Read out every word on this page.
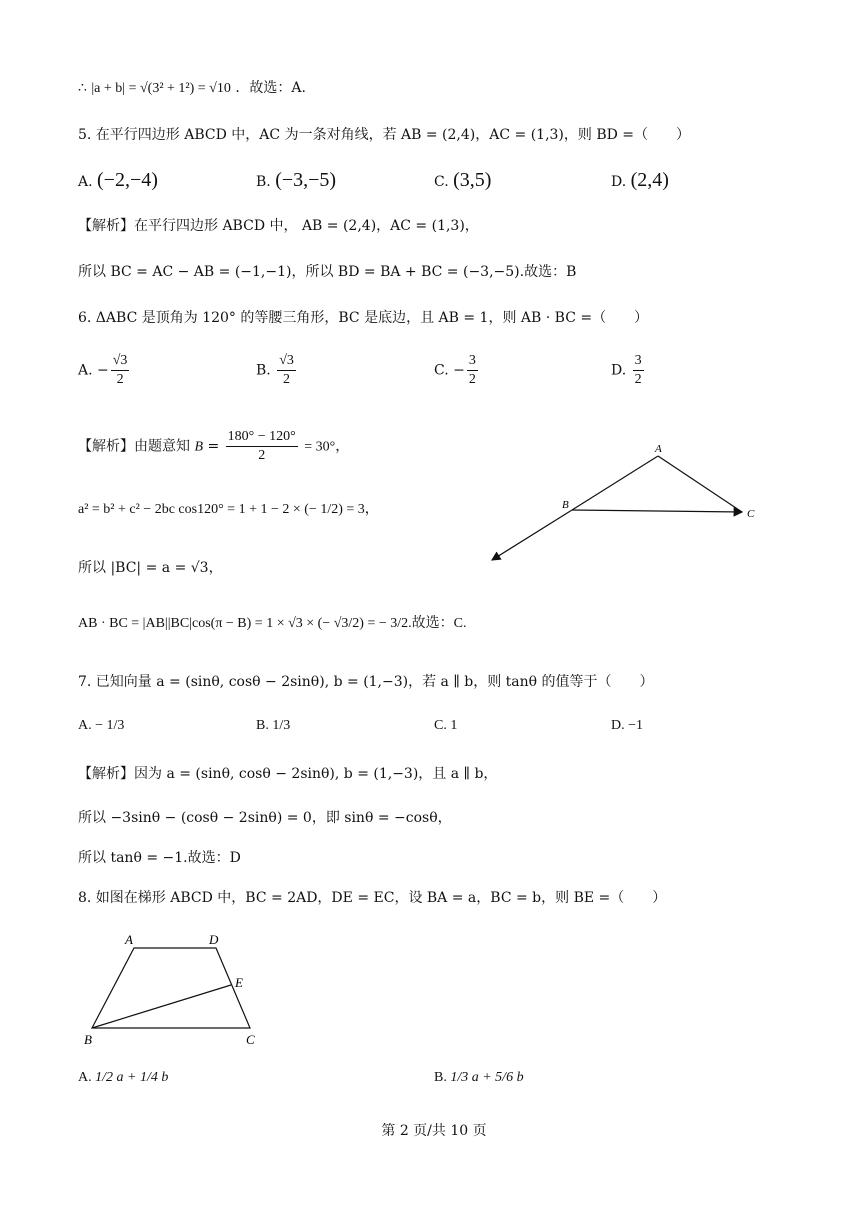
∴ |a + b| = √(3² + 1²) = √10 ．故选：A.
5. 在平行四边形 ABCD 中，AC 为一条对角线，若 AB = (2,4)，AC = (1,3)，则 BD =（　　）
A. (−2,−4)	B. (−3,−5)	C. (3,5)	D. (2,4)
【解析】在平行四边形 ABCD 中， AB = (2,4)，AC = (1,3)，
所以 BC = AC − AB = (−1,−1)，所以 BD = BA + BC = (−3,−5).故选：B
6. ΔABC 是顶角为 120° 的等腰三角形，BC 是底边，且 AB = 1，则 AB · BC =（　　）
A. − $\frac{√3}{2}$	B. $\frac{√3}{2}$	C. − $\frac{3}{2}$	D. $\frac{3}{2}$
【解析】由题意知 $B = \frac{180^\circ - 120^\circ}{2} = 30^\circ$，
a² = b² + c² − 2bc cos120° = 1 + 1 − 2 × (− 1/2) = 3，
所以 |BC| = a = √3，
AB · BC = |AB||BC|cos(π − B) = 1 × √3 × (− √3/2) = − 3/2.故选：C.
A
B
C
7. 已知向量 a = (sinθ, cosθ − 2sinθ), b = (1,−3)，若 a ∥ b，则 tanθ 的值等于（　　）
A. − 1/3	B. 1/3	C. 1	D. −1
【解析】因为 a = (sinθ, cosθ − 2sinθ), b = (1,−3)，且 a ∥ b，
所以 −3sinθ − (cosθ − 2sinθ) = 0，即 sinθ = −cosθ，
所以 tanθ = −1.故选：D
8. 如图在梯形 ABCD 中，BC = 2AD，DE = EC，设 BA = a，BC = b，则 BE =（　　）
A	D
E
B	C
A. 1/2 a + 1/4 b	B. 1/3 a + 5/6 b
第 2 页/共 10 页
